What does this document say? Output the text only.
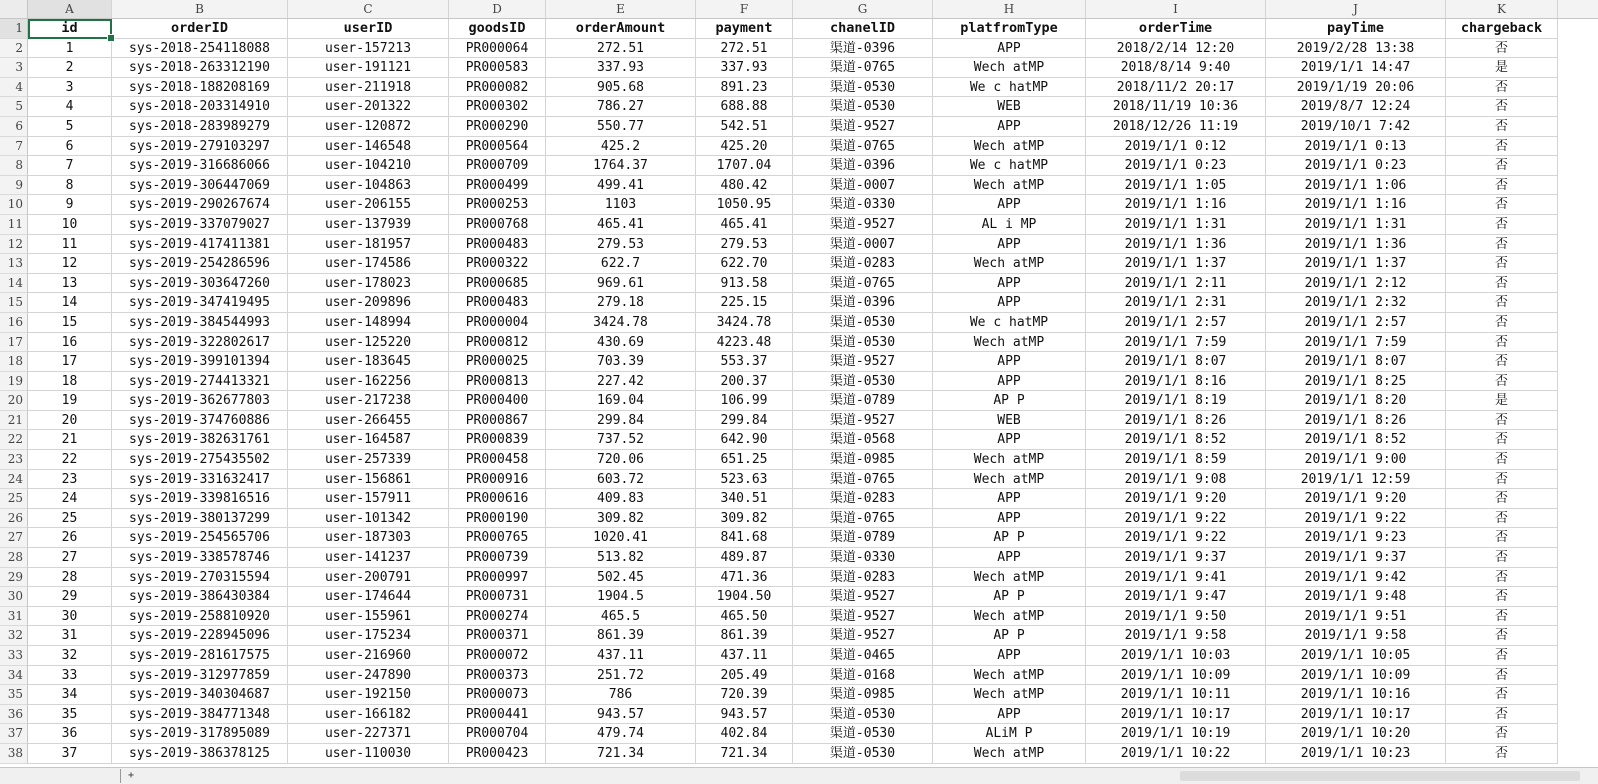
A	B	C	D	E	F	G	H	I	J	K
1	id	orderID	userID	goodsID	orderAmount	payment	chanelID	platfromType	orderTime	payTime	chargeback
2	1	sys-2018-254118088	user-157213	PR000064	272.51	272.51	渠道-0396	APP	2018/2/14 12:20	2019/2/28 13:38	否
3	2	sys-2018-263312190	user-191121	PR000583	337.93	337.93	渠道-0765	Wech atMP	2018/8/14 9:40	2019/1/1 14:47	是
4	3	sys-2018-188208169	user-211918	PR000082	905.68	891.23	渠道-0530	We c hatMP	2018/11/2 20:17	2019/1/19 20:06	否
5	4	sys-2018-203314910	user-201322	PR000302	786.27	688.88	渠道-0530	WEB	2018/11/19 10:36	2019/8/7 12:24	否
6	5	sys-2018-283989279	user-120872	PR000290	550.77	542.51	渠道-9527	APP	2018/12/26 11:19	2019/10/1 7:42	否
7	6	sys-2019-279103297	user-146548	PR000564	425.2	425.20	渠道-0765	Wech atMP	2019/1/1 0:12	2019/1/1 0:13	否
8	7	sys-2019-316686066	user-104210	PR000709	1764.37	1707.04	渠道-0396	We c hatMP	2019/1/1 0:23	2019/1/1 0:23	否
9	8	sys-2019-306447069	user-104863	PR000499	499.41	480.42	渠道-0007	Wech atMP	2019/1/1 1:05	2019/1/1 1:06	否
10	9	sys-2019-290267674	user-206155	PR000253	1103	1050.95	渠道-0330	APP	2019/1/1 1:16	2019/1/1 1:16	否
11	10	sys-2019-337079027	user-137939	PR000768	465.41	465.41	渠道-9527	AL i MP	2019/1/1 1:31	2019/1/1 1:31	否
12	11	sys-2019-417411381	user-181957	PR000483	279.53	279.53	渠道-0007	APP	2019/1/1 1:36	2019/1/1 1:36	否
13	12	sys-2019-254286596	user-174586	PR000322	622.7	622.70	渠道-0283	Wech atMP	2019/1/1 1:37	2019/1/1 1:37	否
14	13	sys-2019-303647260	user-178023	PR000685	969.61	913.58	渠道-0765	APP	2019/1/1 2:11	2019/1/1 2:12	否
15	14	sys-2019-347419495	user-209896	PR000483	279.18	225.15	渠道-0396	APP	2019/1/1 2:31	2019/1/1 2:32	否
16	15	sys-2019-384544993	user-148994	PR000004	3424.78	3424.78	渠道-0530	We c hatMP	2019/1/1 2:57	2019/1/1 2:57	否
17	16	sys-2019-322802617	user-125220	PR000812	430.69	4223.48	渠道-0530	Wech atMP	2019/1/1 7:59	2019/1/1 7:59	否
18	17	sys-2019-399101394	user-183645	PR000025	703.39	553.37	渠道-9527	APP	2019/1/1 8:07	2019/1/1 8:07	否
19	18	sys-2019-274413321	user-162256	PR000813	227.42	200.37	渠道-0530	APP	2019/1/1 8:16	2019/1/1 8:25	否
20	19	sys-2019-362677803	user-217238	PR000400	169.04	106.99	渠道-0789	AP P	2019/1/1 8:19	2019/1/1 8:20	是
21	20	sys-2019-374760886	user-266455	PR000867	299.84	299.84	渠道-9527	WEB	2019/1/1 8:26	2019/1/1 8:26	否
22	21	sys-2019-382631761	user-164587	PR000839	737.52	642.90	渠道-0568	APP	2019/1/1 8:52	2019/1/1 8:52	否
23	22	sys-2019-275435502	user-257339	PR000458	720.06	651.25	渠道-0985	Wech atMP	2019/1/1 8:59	2019/1/1 9:00	否
24	23	sys-2019-331632417	user-156861	PR000916	603.72	523.63	渠道-0765	Wech atMP	2019/1/1 9:08	2019/1/1 12:59	否
25	24	sys-2019-339816516	user-157911	PR000616	409.83	340.51	渠道-0283	APP	2019/1/1 9:20	2019/1/1 9:20	否
26	25	sys-2019-380137299	user-101342	PR000190	309.82	309.82	渠道-0765	APP	2019/1/1 9:22	2019/1/1 9:22	否
27	26	sys-2019-254565706	user-187303	PR000765	1020.41	841.68	渠道-0789	AP P	2019/1/1 9:22	2019/1/1 9:23	否
28	27	sys-2019-338578746	user-141237	PR000739	513.82	489.87	渠道-0330	APP	2019/1/1 9:37	2019/1/1 9:37	否
29	28	sys-2019-270315594	user-200791	PR000997	502.45	471.36	渠道-0283	Wech atMP	2019/1/1 9:41	2019/1/1 9:42	否
30	29	sys-2019-386430384	user-174644	PR000731	1904.5	1904.50	渠道-9527	AP P	2019/1/1 9:47	2019/1/1 9:48	否
31	30	sys-2019-258810920	user-155961	PR000274	465.5	465.50	渠道-9527	Wech atMP	2019/1/1 9:50	2019/1/1 9:51	否
32	31	sys-2019-228945096	user-175234	PR000371	861.39	861.39	渠道-9527	AP P	2019/1/1 9:58	2019/1/1 9:58	否
33	32	sys-2019-281617575	user-216960	PR000072	437.11	437.11	渠道-0465	APP	2019/1/1 10:03	2019/1/1 10:05	否
34	33	sys-2019-312977859	user-247890	PR000373	251.72	205.49	渠道-0168	Wech atMP	2019/1/1 10:09	2019/1/1 10:09	否
35	34	sys-2019-340304687	user-192150	PR000073	786	720.39	渠道-0985	Wech atMP	2019/1/1 10:11	2019/1/1 10:16	否
36	35	sys-2019-384771348	user-166182	PR000441	943.57	943.57	渠道-0530	APP	2019/1/1 10:17	2019/1/1 10:17	否
37	36	sys-2019-317895089	user-227371	PR000704	479.74	402.84	渠道-0530	ALiM P	2019/1/1 10:19	2019/1/1 10:20	否
38	37	sys-2019-386378125	user-110030	PR000423	721.34	721.34	渠道-0530	Wech atMP	2019/1/1 10:22	2019/1/1 10:23	否
+
